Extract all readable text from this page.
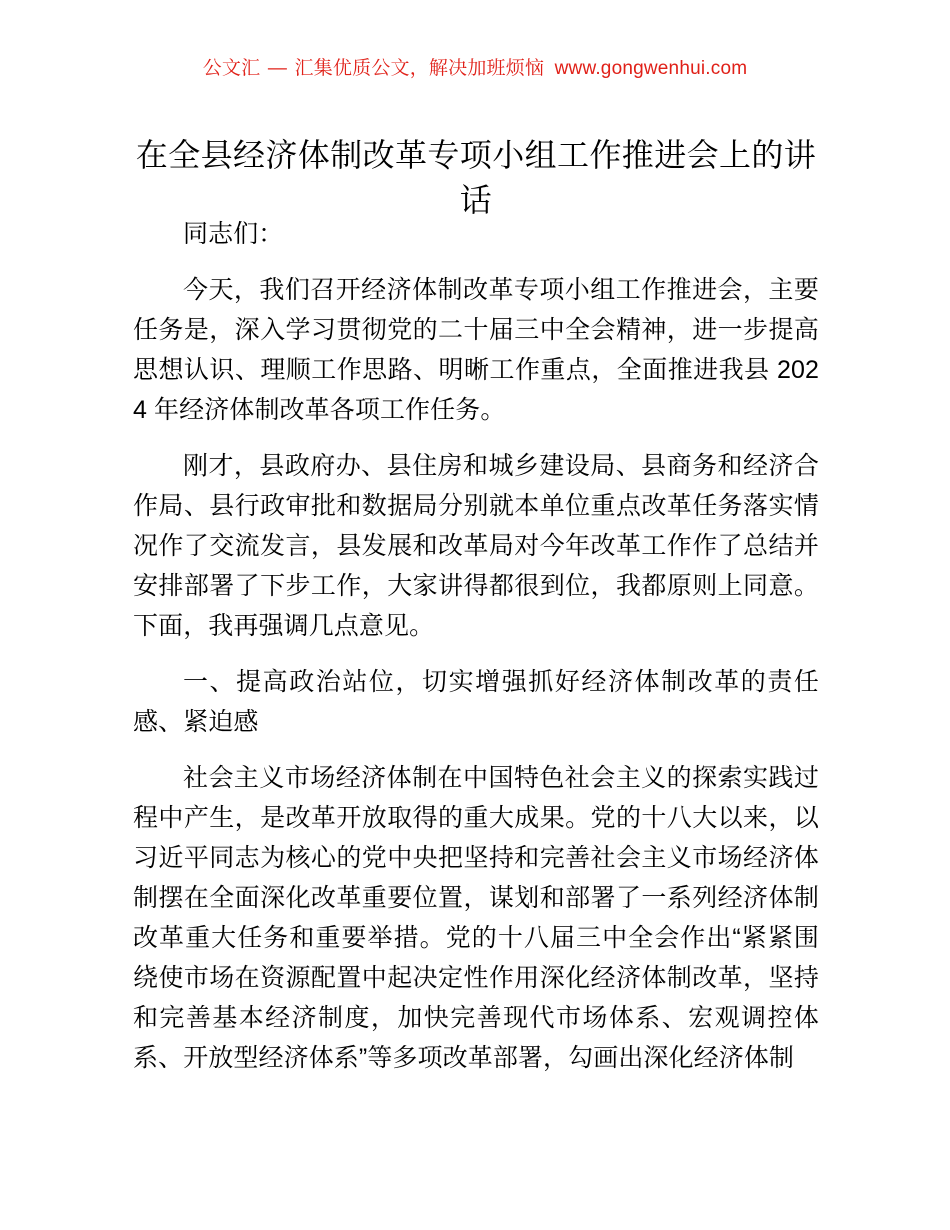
公文汇 — 汇集优质公文，解决加班烦恼 www.gongwenhui.com
在全县经济体制改革专项小组工作推进会上的讲话

同志们：

今天，我们召开经济体制改革专项小组工作推进会，主要任务是，深入学习贯彻党的二十届三中全会精神，进一步提高思想认识、理顺工作思路、明晰工作重点，全面推进我县 2024 年经济体制改革各项工作任务。

刚才，县政府办、县住房和城乡建设局、县商务和经济合作局、县行政审批和数据局分别就本单位重点改革任务落实情况作了交流发言，县发展和改革局对今年改革工作作了总结并安排部署了下步工作，大家讲得都很到位，我都原则上同意。下面，我再强调几点意见。

一、提高政治站位，切实增强抓好经济体制改革的责任感、紧迫感

社会主义市场经济体制在中国特色社会主义的探索实践过程中产生，是改革开放取得的重大成果。党的十八大以来，以习近平同志为核心的党中央把坚持和完善社会主义市场经济体制摆在全面深化改革重要位置，谋划和部署了一系列经济体制改革重大任务和重要举措。党的十八届三中全会作出“紧紧围绕使市场在资源配置中起决定性作用深化经济体制改革，坚持和完善基本经济制度，加快完善现代市场体系、宏观调控体系、开放型经济体系”等多项改革部署，勾画出深化经济体制
